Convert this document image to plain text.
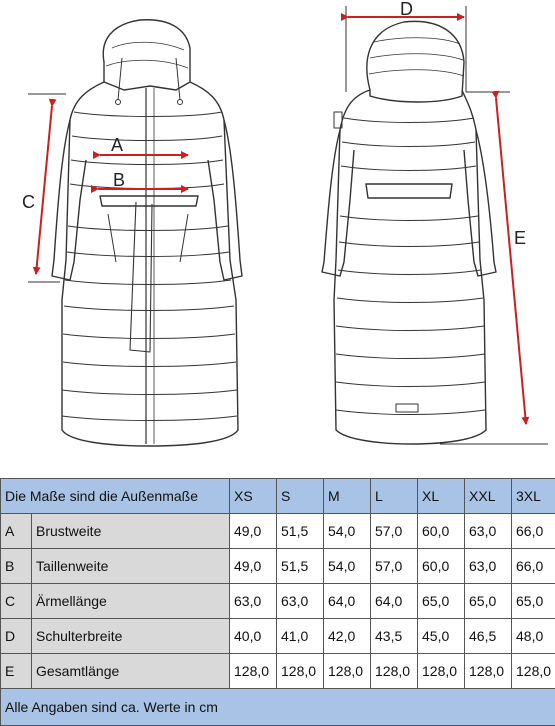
A
B
C
D
E
Die Maße sind die Außenmaße		XS	S	M	L	XL	XXL	3XL
A	Brustweite	49,0	51,5	54,0	57,0	60,0	63,0	66,0
B	Taillenweite	49,0	51,5	54,0	57,0	60,0	63,0	66,0
C	Ärmellänge	63,0	63,0	64,0	64,0	65,0	65,0	65,0
D	Schulterbreite	40,0	41,0	42,0	43,5	45,0	46,5	48,0
E	Gesamtlänge	128,0	128,0	128,0	128,0	128,0	128,0	128,0
Alle Angaben sind ca. Werte in cm								
